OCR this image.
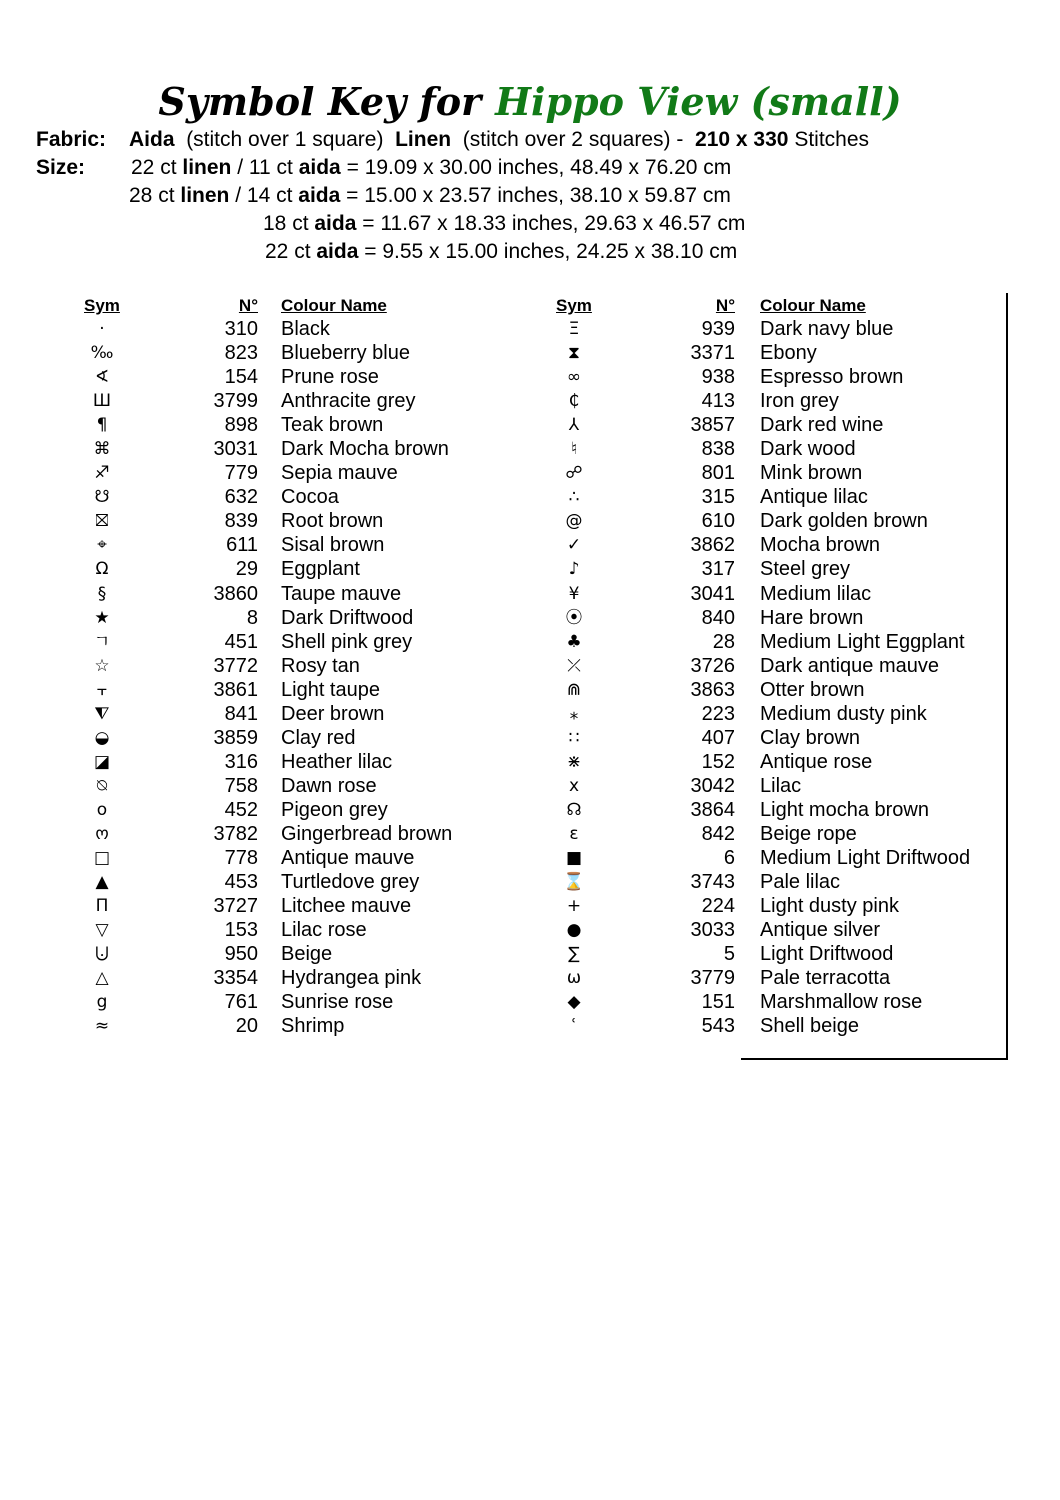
Symbol Key for Hippo View (small)
Fabric: Aida (stitch over 1 square) Linen (stitch over 2 squares) - 210 x 330 Stitches
Size: 22 ct linen / 11 ct aida = 19.09 x 30.00 inches, 48.49 x 76.20 cm
28 ct linen / 14 ct aida = 15.00 x 23.57 inches, 38.10 x 59.87 cm
18 ct aida = 11.67 x 18.33 inches, 29.63 x 46.57 cm
22 ct aida = 9.55 x 15.00 inches, 24.25 x 38.10 cm
Sym	N° Colour Name
·	310 Black
‰	823 Blueberry blue
∢	154 Prune rose
Ш	3799 Anthracite grey
¶	898 Teak brown
⌘	3031 Dark Mocha brown
♐	779 Sepia mauve
☋	632 Cocoa
⛝	839 Root brown
⌖	611 Sisal brown
Ω	29 Eggplant
§	3860 Taupe mauve
★	8 Dark Driftwood
ㄱ	451 Shell pink grey
☆	3772 Rosy tan
⫟	3861 Light taupe
⧨	841 Deer brown
◒	3859 Clay red
◪	316 Heather lilac
⍉	758 Dawn rose
o	452 Pigeon grey
ო	3782 Gingerbread brown
□	778 Antique mauve
▲	453 Turtledove grey
Π	3727 Litchee mauve
▽	153 Lilac rose
⨃	950 Beige
△	3354 Hydrangea pink
g	761 Sunrise rose
≈	20 Shrimp
Sym	N° Colour Name
Ξ	939 Dark navy blue
⧗	3371 Ebony
∞	938 Espresso brown
₵	413 Iron grey
⅄	3857 Dark red wine
♮	838 Dark wood
☍	801 Mink brown
∴	315 Antique lilac
@	610 Dark golden brown
✓	3862 Mocha brown
♪	317 Steel grey
¥	3041 Medium lilac
⦿	840 Hare brown
♣	28 Medium Light Eggplant
⤫	3726 Dark antique mauve
⋒	3863 Otter brown
⁎	223 Medium dusty pink
∷	407 Clay brown
⋇	152 Antique rose
x	3042 Lilac
☊	3864 Light mocha brown
ɛ	842 Beige rope
■	6 Medium Light Driftwood
⌛	3743 Pale lilac
+	224 Light dusty pink
●	3033 Antique silver
∑	5 Light Driftwood
ω	3779 Pale terracotta
◆	151 Marshmallow rose
ʿ	543 Shell beige
